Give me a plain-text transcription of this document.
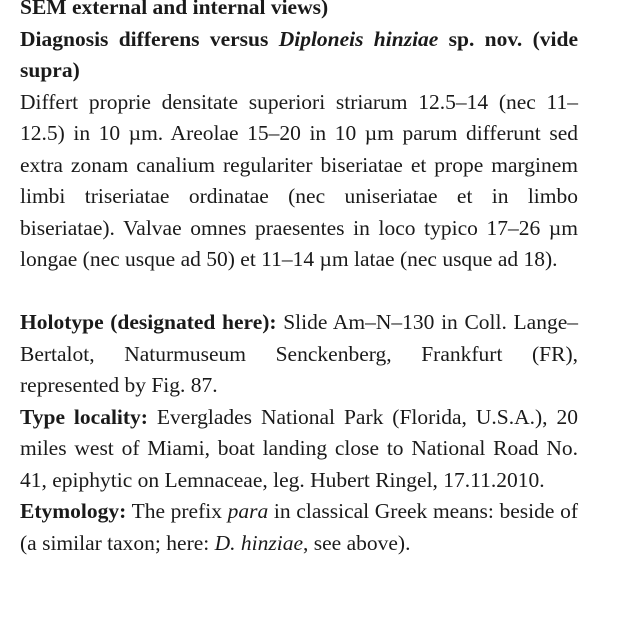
SEM external and internal views)

Diagnosis differens versus Diploneis hinziae sp. nov. (vide supra)

Differt proprie densitate superiori striarum 12.5–14 (nec 11–12.5) in 10 µm. Areolae 15–20 in 10 µm parum differunt sed extra zonam canalium regulariter biseriatae et prope marginem limbi triseriatae ordinatae (nec uniseriatae et in limbo biseriatae). Valvae omnes praesentes in loco typico 17–26 µm longae (nec usque ad 50) et 11–14 µm latae (nec usque ad 18).

Holotype (designated here): Slide Am–N–130 in Coll. Lange–Bertalot, Naturmuseum Senckenberg, Frankfurt (FR), represented by Fig. 87.

Type locality: Everglades National Park (Florida, U.S.A.), 20 miles west of Miami, boat landing close to National Road No. 41, epiphytic on Lemnaceae, leg. Hubert Ringel, 17.11.2010.

Etymology: The prefix para in classical Greek means: beside of (a similar taxon; here: D. hinziae, see above).
